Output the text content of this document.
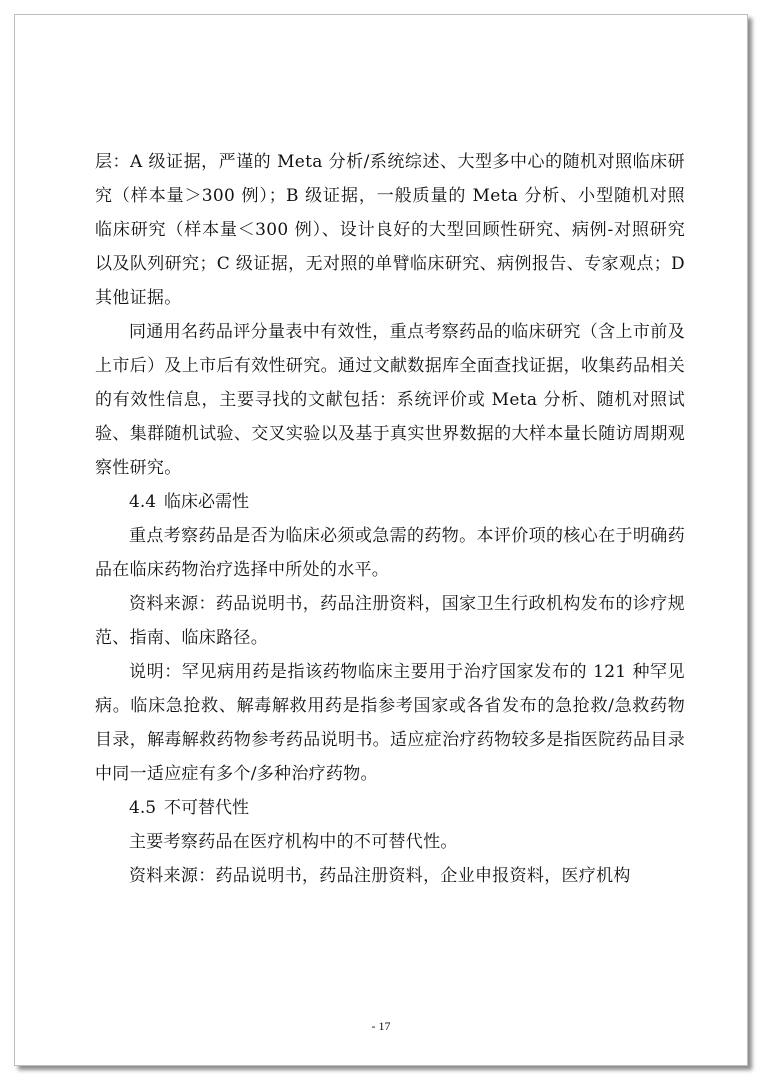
层：A 级证据，严谨的 Meta 分析/系统综述、大型多中心的随机对照临床研究（样本量＞300 例）；B 级证据，一般质量的 Meta 分析、小型随机对照临床研究（样本量＜300 例）、设计良好的大型回顾性研究、病例-对照研究以及队列研究；C 级证据，无对照的单臂临床研究、病例报告、专家观点；D 其他证据。

同通用名药品评分量表中有效性，重点考察药品的临床研究（含上市前及上市后）及上市后有效性研究。通过文献数据库全面查找证据，收集药品相关的有效性信息，主要寻找的文献包括：系统评价或 Meta 分析、随机对照试验、集群随机试验、交叉实验以及基于真实世界数据的大样本量长随访周期观察性研究。

4.4 临床必需性

重点考察药品是否为临床必须或急需的药物。本评价项的核心在于明确药品在临床药物治疗选择中所处的水平。

资料来源：药品说明书，药品注册资料，国家卫生行政机构发布的诊疗规范、指南、临床路径。

说明：罕见病用药是指该药物临床主要用于治疗国家发布的 121 种罕见病。临床急抢救、解毒解救用药是指参考国家或各省发布的急抢救/急救药物目录，解毒解救药物参考药品说明书。适应症治疗药物较多是指医院药品目录中同一适应症有多个/多种治疗药物。

4.5 不可替代性

主要考察药品在医疗机构中的不可替代性。

资料来源：药品说明书，药品注册资料，企业申报资料，医疗机构

- 17
